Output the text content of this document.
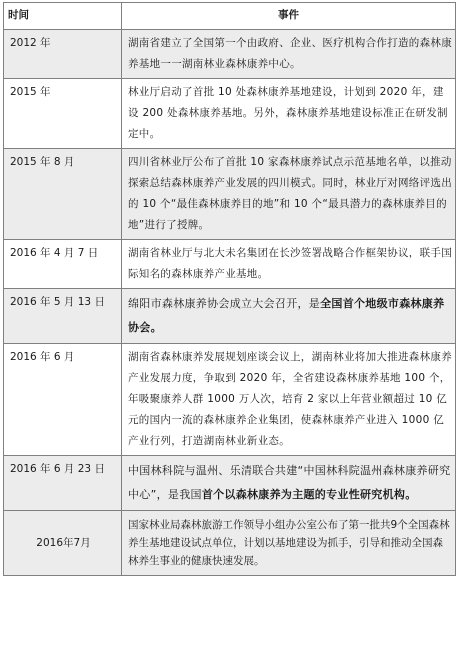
时间	事件
2012 年	湖南省建立了全国第一个由政府、企业、医疗机构合作打造的森林康养基地一一湖南林业森林康养中心。
2015 年	林业厅启动了首批 10 处森林康养基地建设，计划到 2020 年，建设 200 处森林康养基地。另外，森林康养基地建设标准正在研发制定中。
2015 年 8 月	四川省林业厅公布了首批 10 家森林康养试点示范基地名单，以推动探索总结森林康养产业发展的四川模式。同时，林业厅对网络评选出的 10 个“最佳森林康养目的地”和 10 个“最具潜力的森林康养目的地”进行了授牌。
2016 年 4 月 7 日	湖南省林业厅与北大未名集团在长沙签署战略合作框架协议，联手国际知名的森林康养产业基地。
2016 年 5 月 13 日	绵阳市森林康养协会成立大会召开，是全国首个地级市森林康养协会。
2016 年 6 月	湖南省森林康养发展规划座谈会议上，湖南林业将加大推进森林康养产业发展力度，争取到 2020 年，全省建设森林康养基地 100 个，年吸聚康养人群 1000 万人次，培育 2 家以上年营业额超过 10 亿元的国内一流的森林康养企业集团，使森林康养产业进入 1000 亿产业行列，打造湖南林业新业态。
2016 年 6 月 23 日	中国林科院与温州、乐清联合共建“中国林科院温州森林康养研究中心”，是我国首个以森林康养为主题的专业性研究机构。
2016年7月	国家林业局森林旅游工作领导小组办公室公布了第一批共9个全国森林养生基地建设试点单位，计划以基地建设为抓手，引导和推动全国森林养生事业的健康快速发展。
